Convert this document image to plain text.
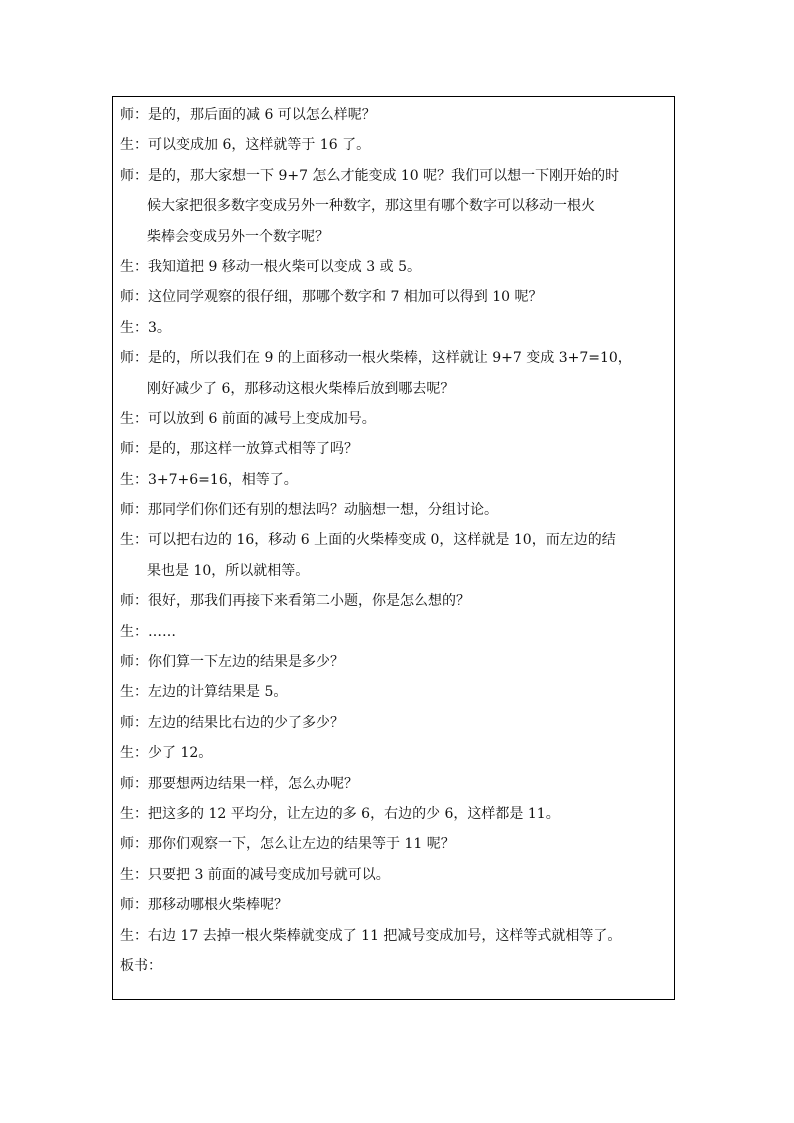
师：是的，那后面的减 6 可以怎么样呢？
生：可以变成加 6，这样就等于 16 了。
师：是的，那大家想一下 9+7 怎么才能变成 10 呢？我们可以想一下刚开始的时
候大家把很多数字变成另外一种数字，那这里有哪个数字可以移动一根火
柴棒会变成另外一个数字呢？
生：我知道把 9 移动一根火柴可以变成 3 或 5。
师：这位同学观察的很仔细，那哪个数字和 7 相加可以得到 10 呢？
生：3。
师：是的，所以我们在 9 的上面移动一根火柴棒，这样就让 9+7 变成 3+7=10，
刚好减少了 6，那移动这根火柴棒后放到哪去呢？
生：可以放到 6 前面的减号上变成加号。
师：是的，那这样一放算式相等了吗？
生：3+7+6=16，相等了。
师：那同学们你们还有别的想法吗？动脑想一想，分组讨论。
生：可以把右边的 16，移动 6 上面的火柴棒变成 0，这样就是 10，而左边的结
果也是 10，所以就相等。
师：很好，那我们再接下来看第二小题，你是怎么想的？
生：……
师：你们算一下左边的结果是多少？
生：左边的计算结果是 5。
师：左边的结果比右边的少了多少？
生：少了 12。
师：那要想两边结果一样，怎么办呢？
生：把这多的 12 平均分，让左边的多 6，右边的少 6，这样都是 11。
师：那你们观察一下，怎么让左边的结果等于 11 呢？
生：只要把 3 前面的减号变成加号就可以。
师：那移动哪根火柴棒呢？
生：右边 17 去掉一根火柴棒就变成了 11 把减号变成加号，这样等式就相等了。
板书：
